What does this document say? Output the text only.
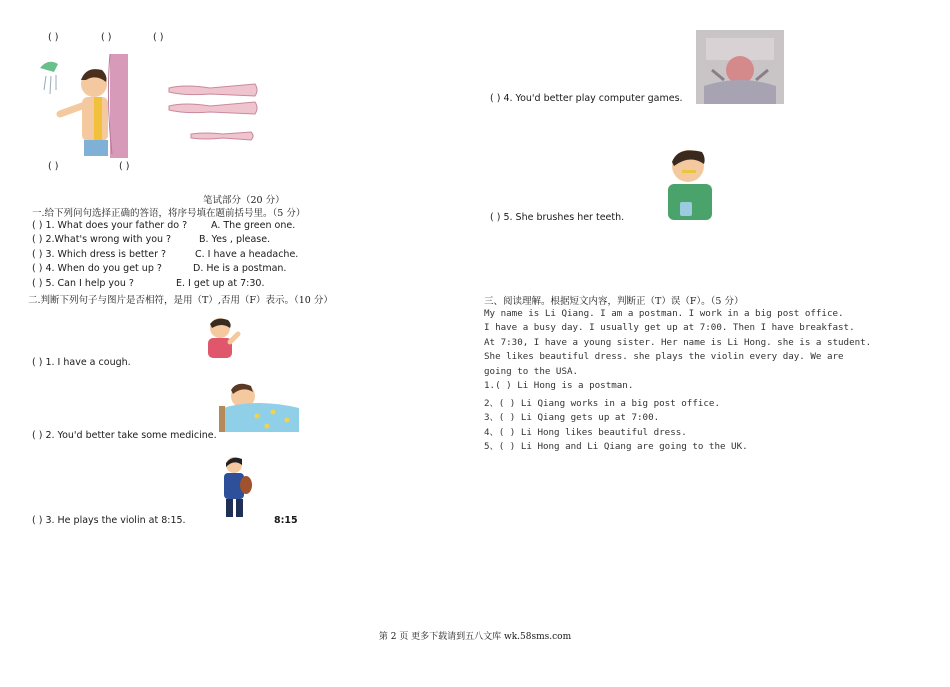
( )	( )	( )
( )	( )
笔试部分（20 分）
一.给下列问句选择正确的答语，将序号填在题前括号里。（5 分）
( ) 1. What does your father do ?	A. The green one.
( ) 2.What's wrong with you ?	B. Yes , please.
( ) 3. Which dress is better ?	C. I have a headache.
( ) 4. When do you get up ?	D. He is a postman.
( ) 5. Can I help you ?	E. I get up at 7:30.
二.判断下列句子与图片是否相符，是用（T）,否用（F）表示。（10 分）
( ) 1. I have a cough.
( ) 2. You'd better take some medicine.
( ) 3. He plays the violin at 8:15.	8:15
( ) 4. You'd better play computer games.
( ) 5. She brushes her teeth.
三、阅读理解。根据短文内容，判断正（T）误（F）。（5 分）
My name is Li Qiang. I am a postman. I work in a big post office.
I have a busy day. I usually get up at 7:00. Then I have breakfast.
At 7:30, I have a young sister. Her name is Li Hong. she is a student.
She likes beautiful dress. she plays the violin every day. We are
going to the USA.
1.( ) Li Hong is a postman.
2、( ) Li Qiang works in a big post office.
3、( ) Li Qiang gets up at 7:00.
4、( ) Li Hong likes beautiful dress.
5、( ) Li Hong and Li Qiang are going to the UK.
第 2 页 更多下载请到五八文库 wk.58sms.com
